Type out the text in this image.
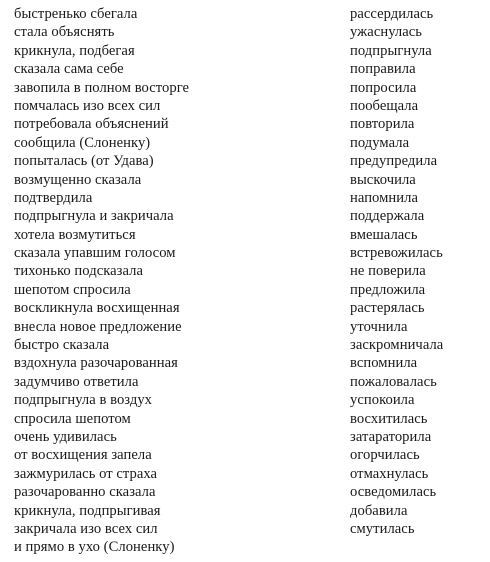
быстренько сбегала
стала объяснять
крикнула, подбегая
сказала сама себе
завопила в полном восторге
помчалась изо всех сил
потребовала объяснений
сообщила (Слоненку)
попыталась (от Удава)
возмущенно сказала
подтвердила
подпрыгнула и закричала
хотела возмутиться
сказала упавшим голосом
тихонько подсказала
шепотом спросила
воскликнула восхищенная
внесла новое предложение
быстро сказала
вздохнула разочарованная
задумчиво ответила
подпрыгнула в воздух
спросила шепотом
очень удивилась
от восхищения запела
зажмурилась от страха
разочарованно сказала
крикнула, подпрыгивая
закричала изо всех сил
и прямо в ухо (Слоненку)
рассердилась
ужаснулась
подпрыгнула
поправила
попросила
пообещала
повторила
подумала
предупредила
выскочила
напомнила
поддержала
вмешалась
встревожилась
не поверила
предложила
растерялась
уточнила
заскромничала
вспомнила
пожаловалась
успокоила
восхитилась
затараторила
огорчилась
отмахнулась
осведомилась
добавила
смутилась
